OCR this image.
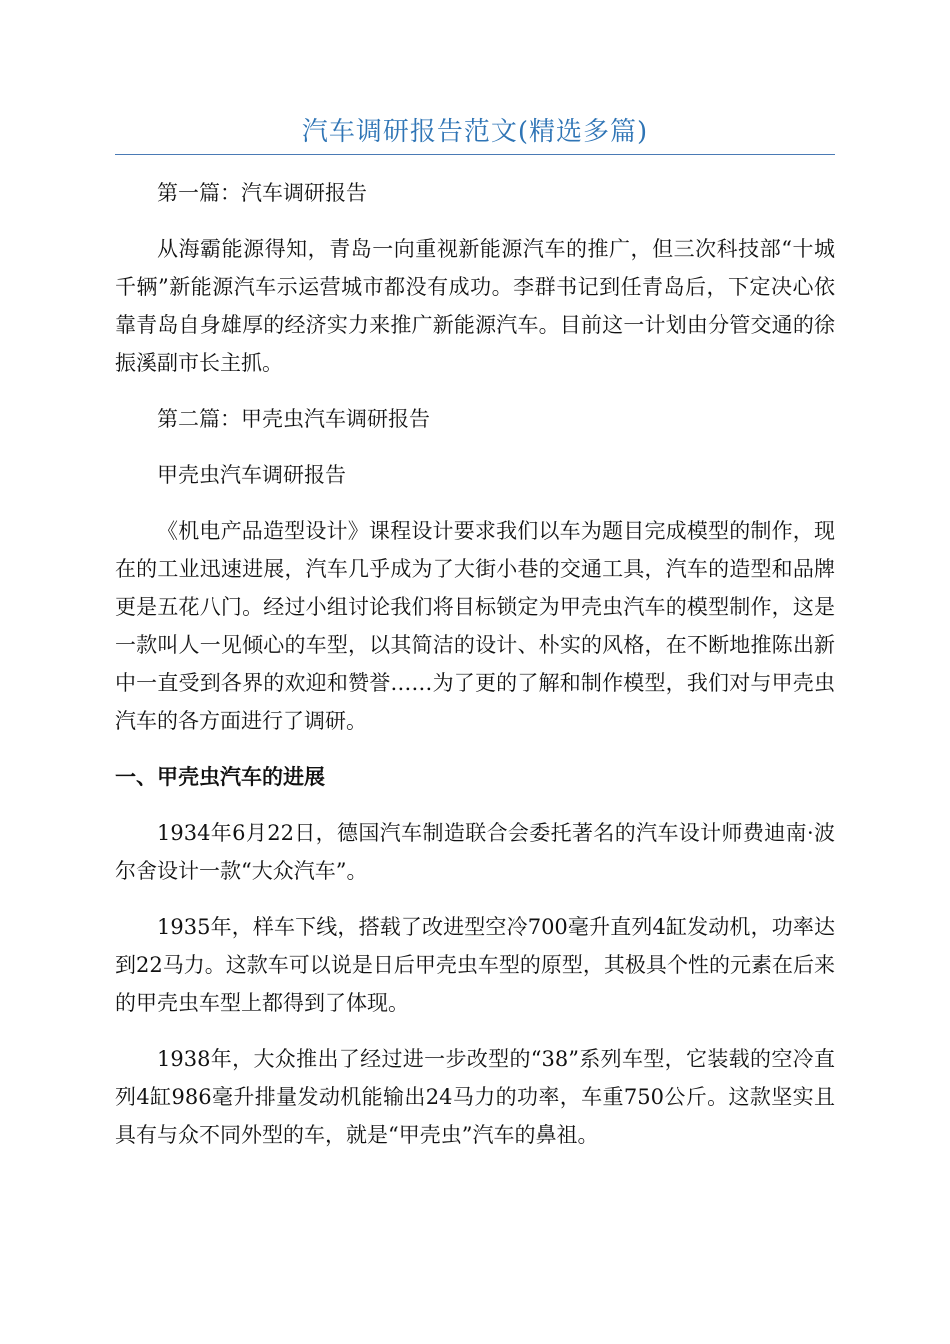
汽车调研报告范文(精选多篇)

第一篇：汽车调研报告

从海霸能源得知，青岛一向重视新能源汽车的推广，但三次科技部“十城千辆”新能源汽车示运营城市都没有成功。李群书记到任青岛后，下定决心依靠青岛自身雄厚的经济实力来推广新能源汽车。目前这一计划由分管交通的徐振溪副市长主抓。

第二篇：甲壳虫汽车调研报告

甲壳虫汽车调研报告

《机电产品造型设计》课程设计要求我们以车为题目完成模型的制作，现在的工业迅速进展，汽车几乎成为了大街小巷的交通工具，汽车的造型和品牌更是五花八门。经过小组讨论我们将目标锁定为甲壳虫汽车的模型制作，这是一款叫人一见倾心的车型，以其简洁的设计、朴实的风格，在不断地推陈出新中一直受到各界的欢迎和赞誉……为了更的了解和制作模型，我们对与甲壳虫汽车的各方面进行了调研。

一、甲壳虫汽车的进展

1934年6月22日，德国汽车制造联合会委托著名的汽车设计师费迪南·波尔舍设计一款“大众汽车”。

1935年，样车下线，搭载了改进型空冷700毫升直列4缸发动机，功率达到22马力。这款车可以说是日后甲壳虫车型的原型，其极具个性的元素在后来的甲壳虫车型上都得到了体现。

1938年，大众推出了经过进一步改型的“38”系列车型，它装载的空冷直列4缸986毫升排量发动机能输出24马力的功率，车重750公斤。这款坚实且具有与众不同外型的车，就是“甲壳虫”汽车的鼻祖。
